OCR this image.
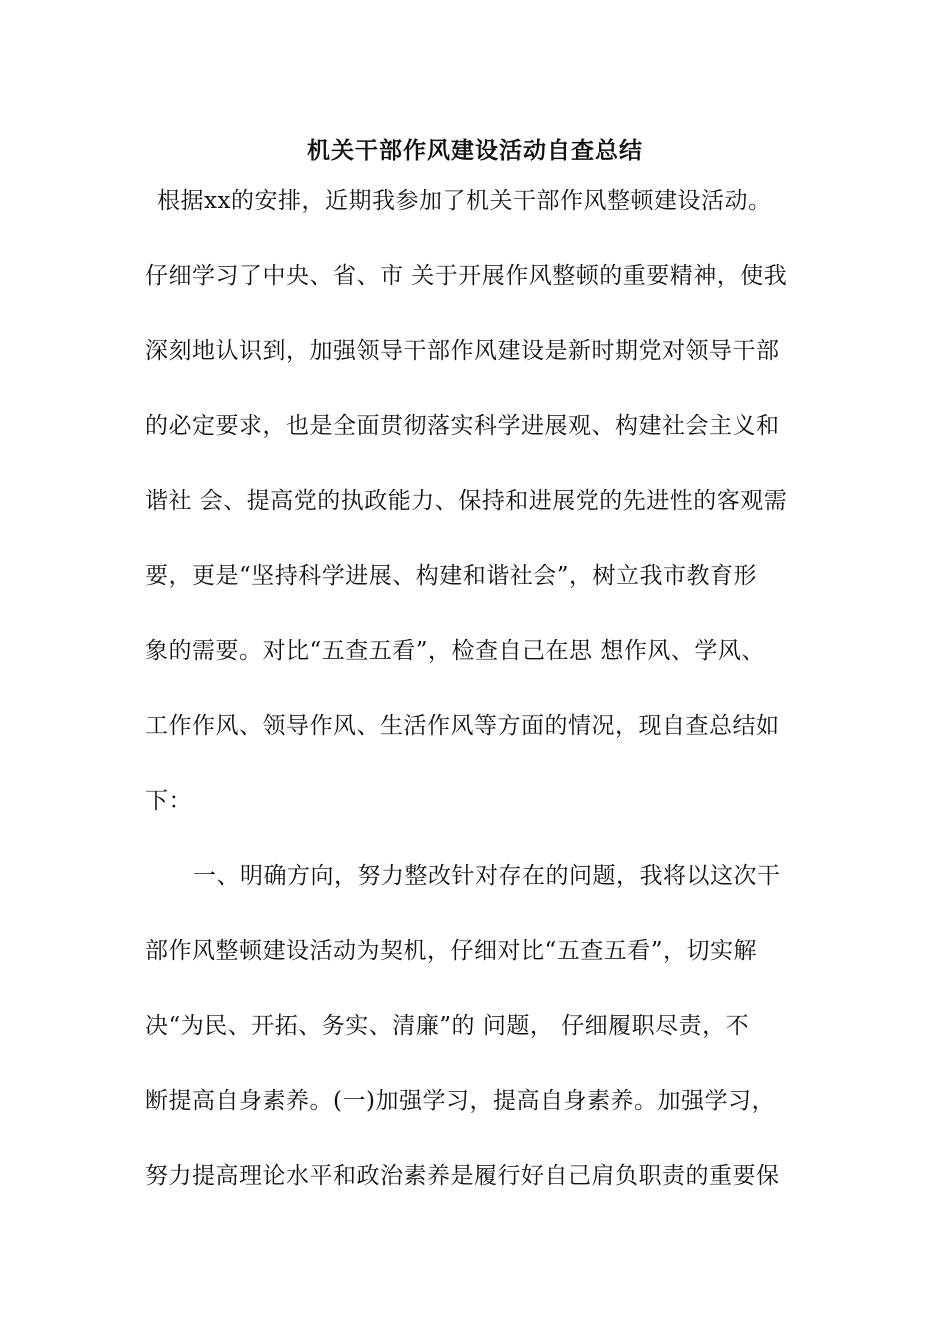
机关干部作风建设活动自查总结
根据xx的安排，近期我参加了机关干部作风整顿建设活动。
仔细学习了中央、省、市 关于开展作风整顿的重要精神，使我
深刻地认识到，加强领导干部作风建设是新时期党对领导干部
的必定要求，也是全面贯彻落实科学进展观、构建社会主义和
谐社 会、提高党的执政能力、保持和进展党的先进性的客观需
要，更是“坚持科学进展、构建和谐社会”，树立我市教育形
象的需要。对比“五查五看”，检查自己在思 想作风、学风、
工作作风、领导作风、生活作风等方面的情况，现自查总结如
下：
一、明确方向，努力整改针对存在的问题，我将以这次干
部作风整顿建设活动为契机，仔细对比“五查五看”，切实解
决“为民、开拓、务实、清廉”的 问题， 仔细履职尽责，不
断提高自身素养。(一)加强学习，提高自身素养。加强学习，
努力提高理论水平和政治素养是履行好自己肩负职责的重要保
